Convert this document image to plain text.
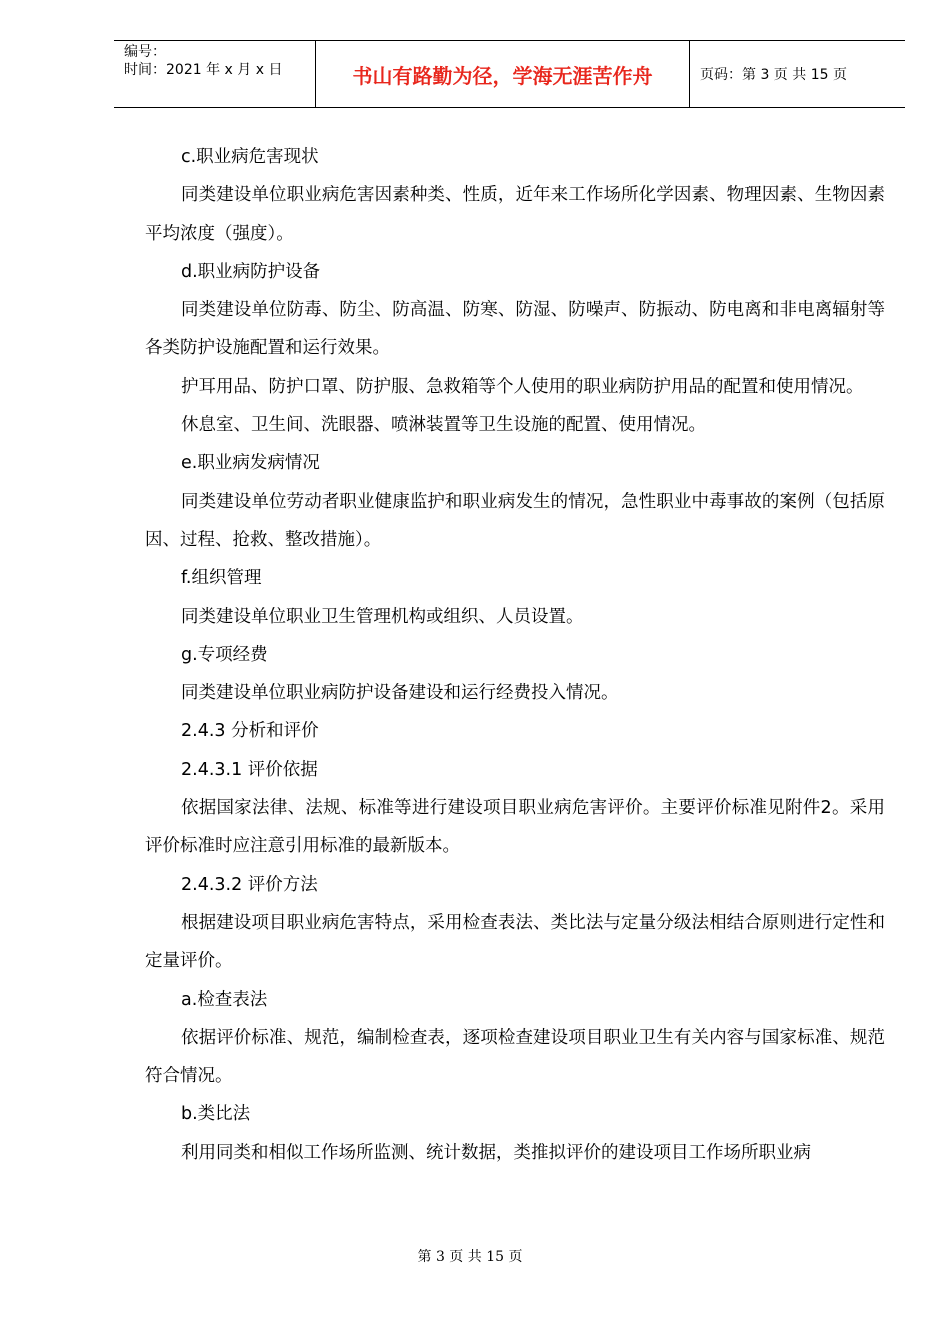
编号：
时间：2021 年 x 月 x 日	书山有路勤为径，学海无涯苦作舟	页码：第 3 页 共 15 页

c.职业病危害现状

同类建设单位职业病危害因素种类、性质，近年来工作场所化学因素、物理因素、生物因素平均浓度（强度）。

d.职业病防护设备

同类建设单位防毒、防尘、防高温、防寒、防湿、防噪声、防振动、防电离和非电离辐射等各类防护设施配置和运行效果。

护耳用品、防护口罩、防护服、急救箱等个人使用的职业病防护用品的配置和使用情况。

休息室、卫生间、洗眼器、喷淋装置等卫生设施的配置、使用情况。

e.职业病发病情况

同类建设单位劳动者职业健康监护和职业病发生的情况，急性职业中毒事故的案例（包括原因、过程、抢救、整改措施）。

f.组织管理

同类建设单位职业卫生管理机构或组织、人员设置。

g.专项经费

同类建设单位职业病防护设备建设和运行经费投入情况。

2.4.3 分析和评价

2.4.3.1 评价依据

依据国家法律、法规、标准等进行建设项目职业病危害评价。主要评价标准见附件2。采用评价标准时应注意引用标准的最新版本。

2.4.3.2 评价方法

根据建设项目职业病危害特点，采用检查表法、类比法与定量分级法相结合原则进行定性和定量评价。

a.检查表法

依据评价标准、规范，编制检查表，逐项检查建设项目职业卫生有关内容与国家标准、规范符合情况。

b.类比法

利用同类和相似工作场所监测、统计数据，类推拟评价的建设项目工作场所职业病

第 3 页 共 15 页
